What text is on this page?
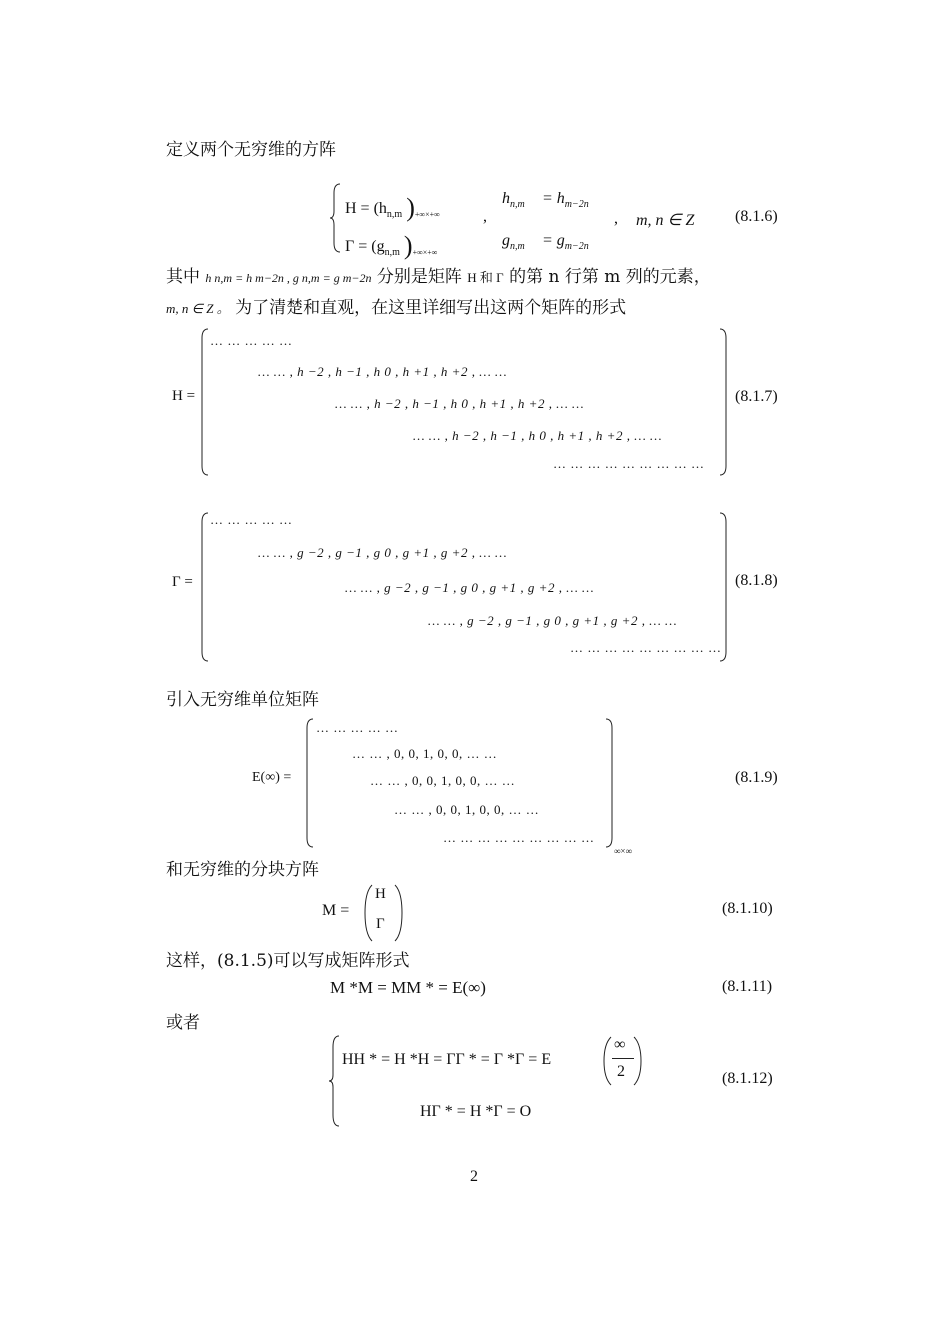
定义两个无穷维的方阵
$H = (h_{n,m}$ )$_{+\infty\times+\infty}$
$h_{n,m} = h_{m-2n}$
,
$\Gamma = (g_{n,m}$ )$_{+\infty\times+\infty}$
$g_{n,m} = g_{m-2n}$
, m, n ∈ Z	(8.1.6)
其中 h n,m = h m−2n , g n,m = g m−2n 分别是矩阵 H 和 Γ 的第 n 行第 m 列的元素，
m, n ∈ Z 。 为了清楚和直观，在这里详细写出这两个矩阵的形式
H =
… … … … …
… … , h −2 , h −1 , h 0 , h +1 , h +2 , … …
… … , h −2 , h −1 , h 0 , h +1 , h +2 , … …
… … , h −2 , h −1 , h 0 , h +1 , h +2 , … …
… … … … … … … … …
(8.1.7)
Γ =
… … … … …
… … , g −2 , g −1 , g 0 , g +1 , g +2 , … …
… … , g −2 , g −1 , g 0 , g +1 , g +2 , … …
… … , g −2 , g −1 , g 0 , g +1 , g +2 , … …
… … … … … … … … …
(8.1.8)
引入无穷维单位矩阵
E(∞) =
… … … … …
… … , 0, 0, 1, 0, 0, … …
… … , 0, 0, 1, 0, 0, … …
… … , 0, 0, 1, 0, 0, … …
… … … … … … … … …
∞×∞
(8.1.9)
和无穷维的分块方阵
M =
H
Γ
(8.1.10)
这样，(8.1.5)可以写成矩阵形式
M *M = MM * = E(∞)	(8.1.11)
或者
HH * = H *H = ΓΓ * = Γ *Γ = E
∞
2
HΓ * = H *Γ = O
(8.1.12)
2
